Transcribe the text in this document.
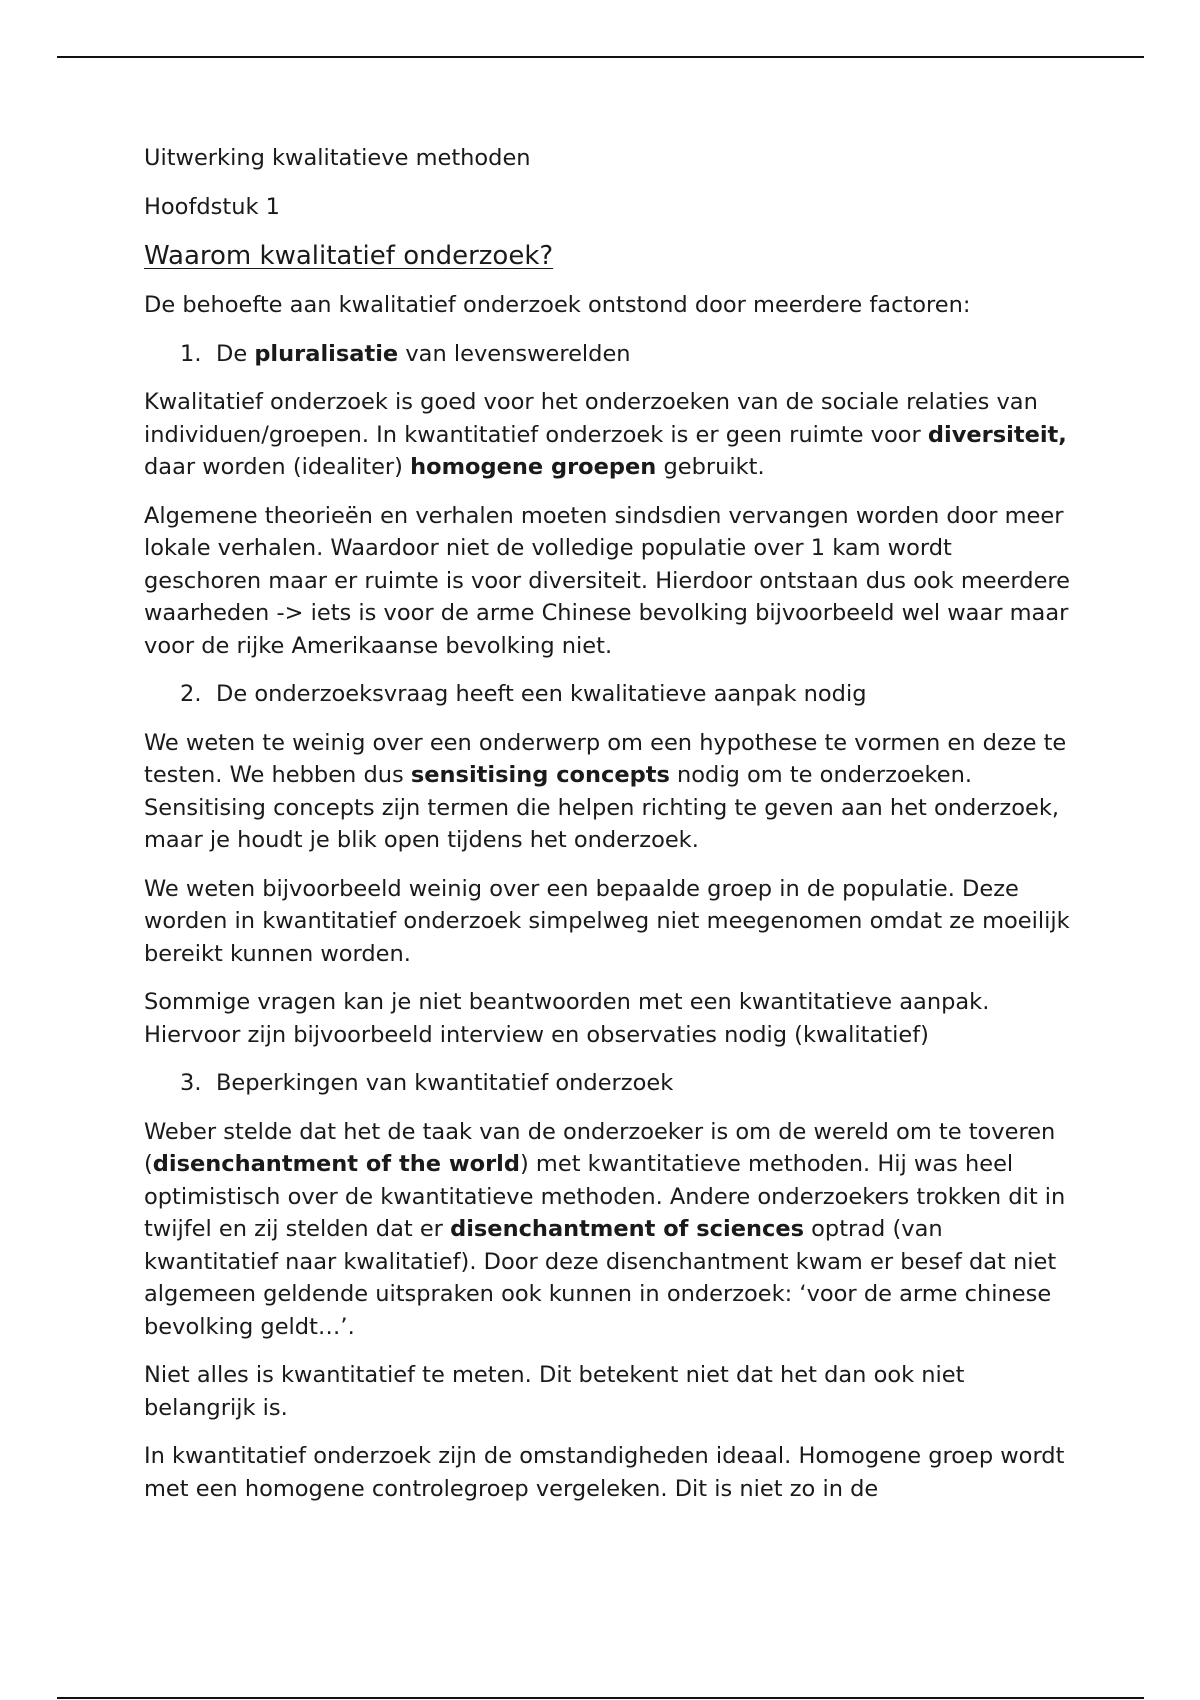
Uitwerking kwalitatieve methoden

Hoofdstuk 1

Waarom kwalitatief onderzoek?

De behoefte aan kwalitatief onderzoek ontstond door meerdere factoren:

1. De pluralisatie van levenswerelden

Kwalitatief onderzoek is goed voor het onderzoeken van de sociale relaties van individuen/groepen. In kwantitatief onderzoek is er geen ruimte voor diversiteit, daar worden (idealiter) homogene groepen gebruikt.

Algemene theorieën en verhalen moeten sindsdien vervangen worden door meer lokale verhalen. Waardoor niet de volledige populatie over 1 kam wordt geschoren maar er ruimte is voor diversiteit. Hierdoor ontstaan dus ook meerdere waarheden -> iets is voor de arme Chinese bevolking bijvoorbeeld wel waar maar voor de rijke Amerikaanse bevolking niet.

2. De onderzoeksvraag heeft een kwalitatieve aanpak nodig

We weten te weinig over een onderwerp om een hypothese te vormen en deze te testen. We hebben dus sensitising concepts nodig om te onderzoeken. Sensitising concepts zijn termen die helpen richting te geven aan het onderzoek, maar je houdt je blik open tijdens het onderzoek.

We weten bijvoorbeeld weinig over een bepaalde groep in de populatie. Deze worden in kwantitatief onderzoek simpelweg niet meegenomen omdat ze moeilijk bereikt kunnen worden.

Sommige vragen kan je niet beantwoorden met een kwantitatieve aanpak. Hiervoor zijn bijvoorbeeld interview en observaties nodig (kwalitatief)

3. Beperkingen van kwantitatief onderzoek

Weber stelde dat het de taak van de onderzoeker is om de wereld om te toveren (disenchantment of the world) met kwantitatieve methoden. Hij was heel optimistisch over de kwantitatieve methoden. Andere onderzoekers trokken dit in twijfel en zij stelden dat er disenchantment of sciences optrad (van kwantitatief naar kwalitatief). Door deze disenchantment kwam er besef dat niet algemeen geldende uitspraken ook kunnen in onderzoek: ‘voor de arme chinese bevolking geldt…’.

Niet alles is kwantitatief te meten. Dit betekent niet dat het dan ook niet belangrijk is.

In kwantitatief onderzoek zijn de omstandigheden ideaal. Homogene groep wordt met een homogene controlegroep vergeleken. Dit is niet zo in de
